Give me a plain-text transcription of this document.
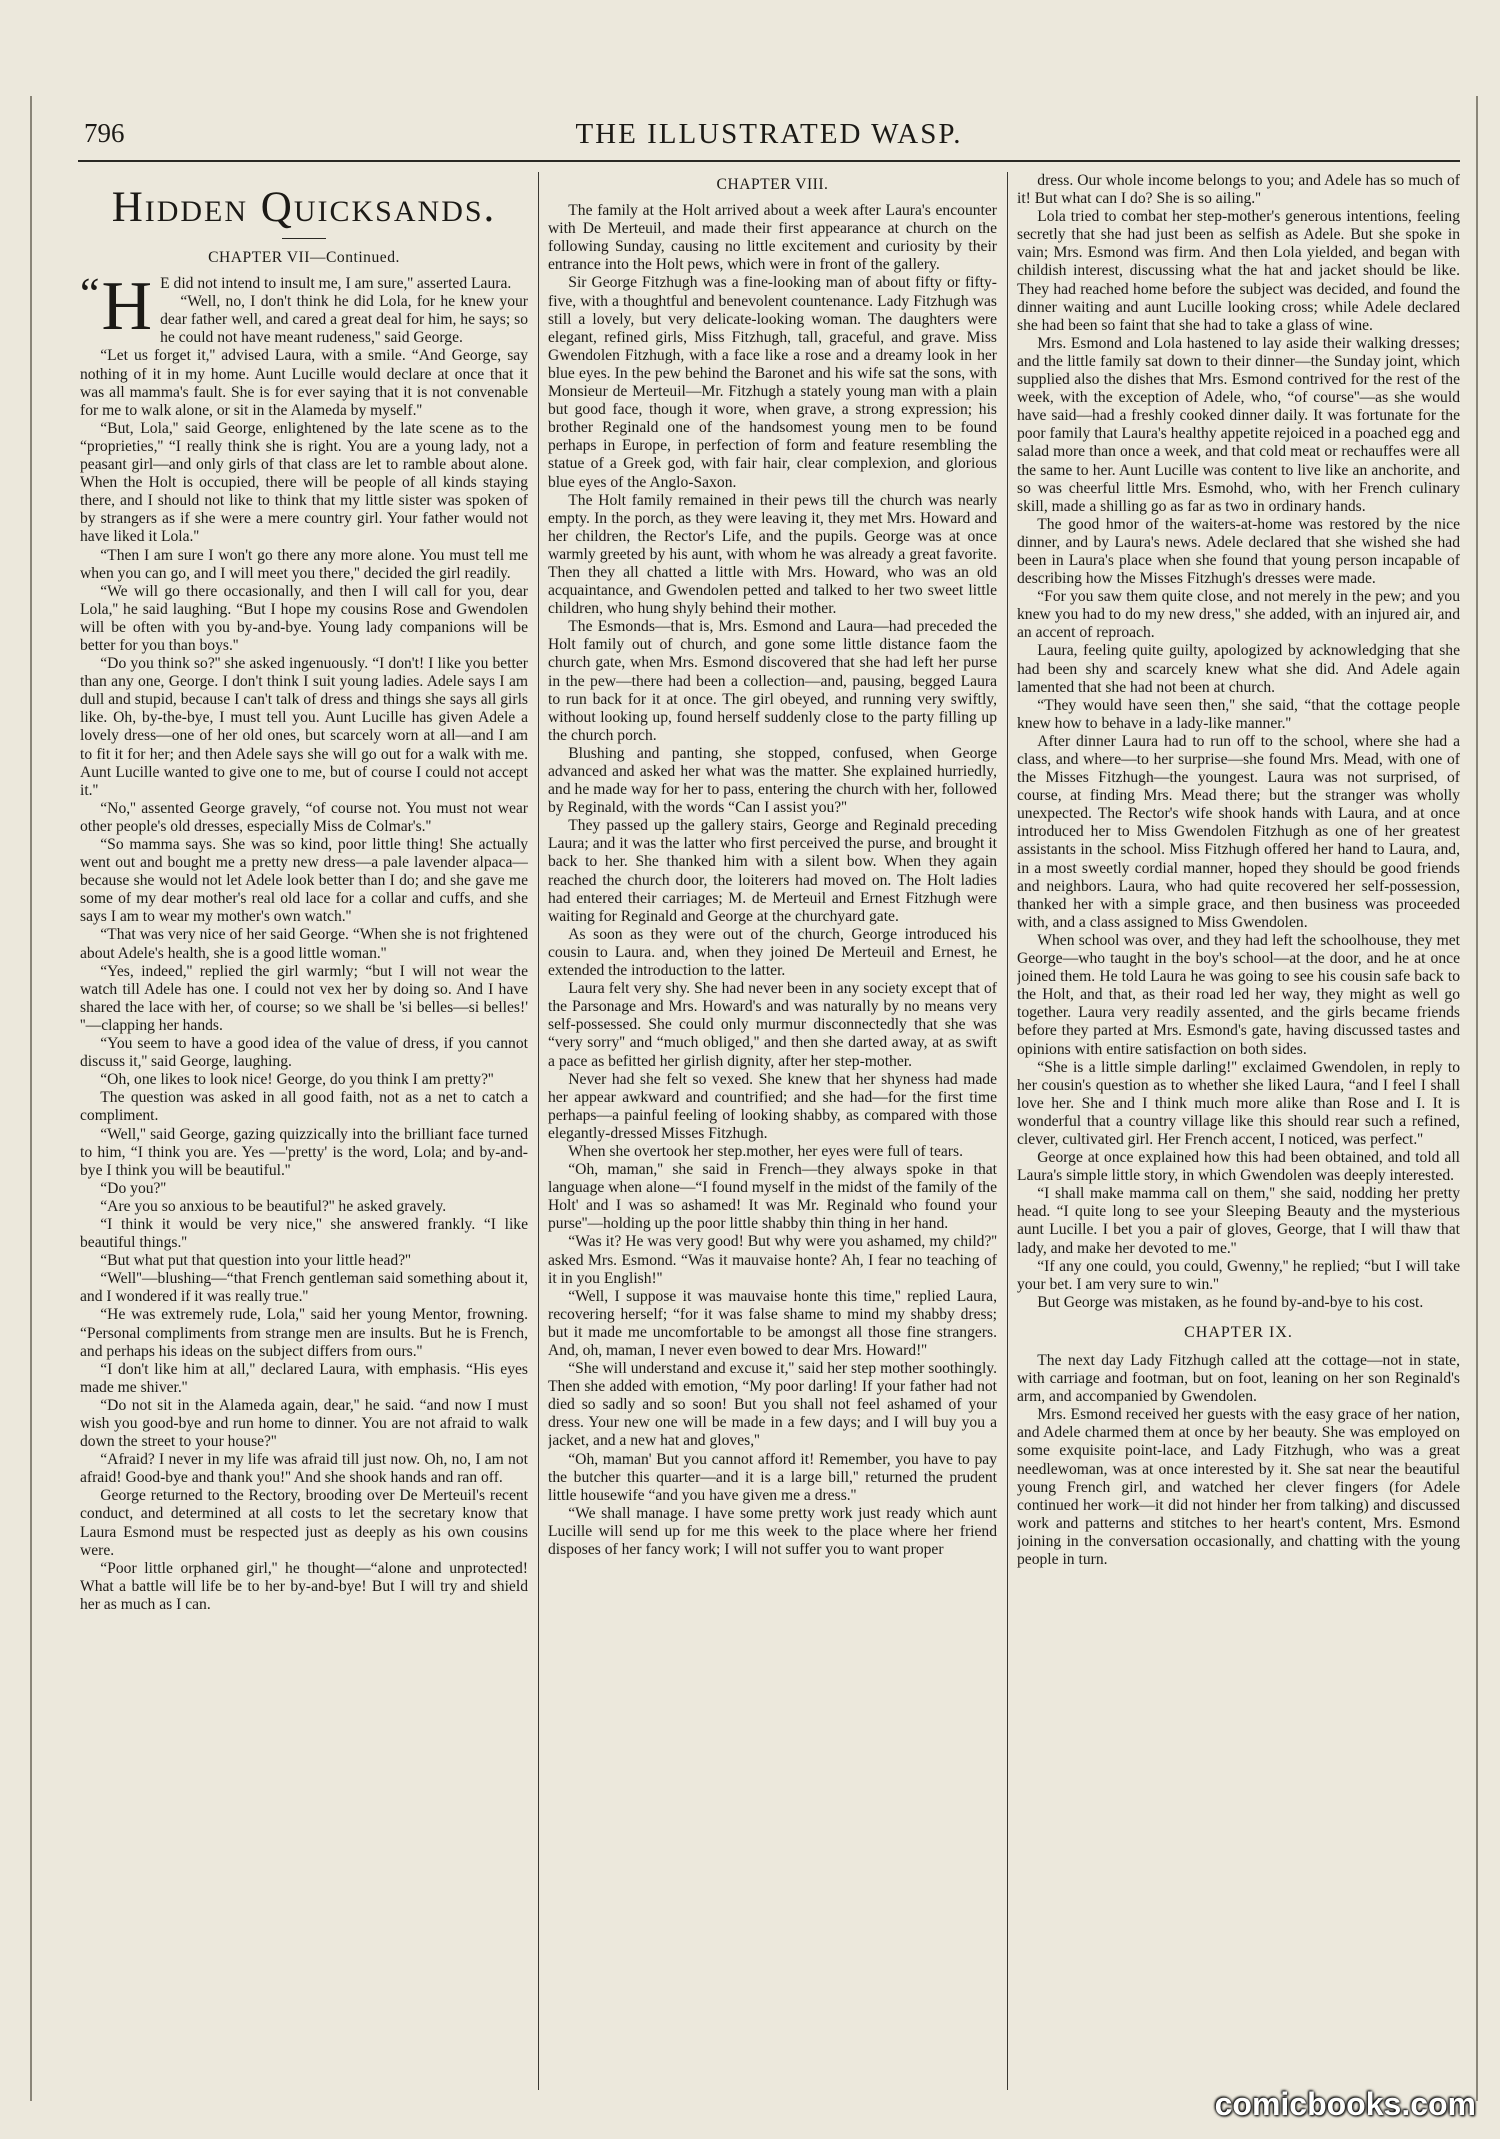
796	THE ILLUSTRATED WASP.
Hidden Quicksands.
CHAPTER VII—Continued.

“ H E did not intend to insult me, I am sure,'' asserted Laura.

“Well, no, I don't think he did Lola, for he knew your dear father well, and cared a great deal for him, he says; so he could not have meant rudeness,'' said George.

“Let us forget it,'' advised Laura, with a smile. “And George, say nothing of it in my home. Aunt Lucille would declare at once that it was all mamma's fault. She is for ever saying that it is not convenable for me to walk alone, or sit in the Alameda by myself.''

“But, Lola,'' said George, enlightened by the late scene as to the “proprieties,'' “I really think she is right. You are a young lady, not a peasant girl—and only girls of that class are let to ramble about alone. When the Holt is occupied, there will be people of all kinds staying there, and I should not like to think that my little sister was spoken of by strangers as if she were a mere country girl. Your father would not have liked it Lola.''

“Then I am sure I won't go there any more alone. You must tell me when you can go, and I will meet you there,'' decided the girl readily.

“We will go there occasionally, and then I will call for you, dear Lola,'' he said laughing. “But I hope my cousins Rose and Gwendolen will be often with you by-and-bye. Young lady companions will be better for you than boys.''

“Do you think so?'' she asked ingenuously. “I don't! I like you better than any one, George. I don't think I suit young ladies. Adele says I am dull and stupid, because I can't talk of dress and things she says all girls like. Oh, by-the-bye, I must tell you. Aunt Lucille has given Adele a lovely dress—one of her old ones, but scarcely worn at all—and I am to fit it for her; and then Adele says she will go out for a walk with me. Aunt Lucille wanted to give one to me, but of course I could not accept it.''

“No,'' assented George gravely, “of course not. You must not wear other people's old dresses, especially Miss de Colmar's.''

“So mamma says. She was so kind, poor little thing! She actually went out and bought me a pretty new dress—a pale lavender alpaca—because she would not let Adele look better than I do; and she gave me some of my dear mother's real old lace for a collar and cuffs, and she says I am to wear my mother's own watch.''

“That was very nice of her said George. “When she is not frightened about Adele's health, she is a good little woman.''

“Yes, indeed,'' replied the girl warmly; “but I will not wear the watch till Adele has one. I could not vex her by doing so. And I have shared the lace with her, of course; so we shall be 'si belles—si belles!' ''—clapping her hands.

“You seem to have a good idea of the value of dress, if you cannot discuss it,'' said George, laughing.

“Oh, one likes to look nice! George, do you think I am pretty?''

The question was asked in all good faith, not as a net to catch a compliment.

“Well,'' said George, gazing quizzically into the brilliant face turned to him, “I think you are. Yes —'pretty' is the word, Lola; and by-and-bye I think you will be beautiful.''

“Do you?''

“Are you so anxious to be beautiful?'' he asked gravely.

“I think it would be very nice,'' she answered frankly. “I like beautiful things.''

“But what put that question into your little head?''

“Well''—blushing—“that French gentleman said something about it, and I wondered if it was really true.''

“He was extremely rude, Lola,'' said her young Mentor, frowning. “Personal compliments from strange men are insults. But he is French, and perhaps his ideas on the subject differs from ours.''

“I don't like him at all,'' declared Laura, with emphasis. “His eyes made me shiver.''

“Do not sit in the Alameda again, dear,'' he said. “and now I must wish you good-bye and run home to dinner. You are not afraid to walk down the street to your house?''

“Afraid? I never in my life was afraid till just now. Oh, no, I am not afraid! Good-bye and thank you!'' And she shook hands and ran off.

George returned to the Rectory, brooding over De Merteuil's recent conduct, and determined at all costs to let the secretary know that Laura Esmond must be respected just as deeply as his own cousins were.

“Poor little orphaned girl,'' he thought—“alone and unprotected! What a battle will life be to her by-and-bye! But I will try and shield her as much as I can.

CHAPTER VIII.

The family at the Holt arrived about a week after Laura's encounter with De Merteuil, and made their first appearance at church on the following Sunday, causing no little excitement and curiosity by their entrance into the Holt pews, which were in front of the gallery.

Sir George Fitzhugh was a fine-looking man of about fifty or fifty-five, with a thoughtful and benevolent countenance. Lady Fitzhugh was still a lovely, but very delicate-looking woman. The daughters were elegant, refined girls, Miss Fitzhugh, tall, graceful, and grave. Miss Gwendolen Fitzhugh, with a face like a rose and a dreamy look in her blue eyes. In the pew behind the Baronet and his wife sat the sons, with Monsieur de Merteuil—Mr. Fitzhugh a stately young man with a plain but good face, though it wore, when grave, a strong expression; his brother Reginald one of the handsomest young men to be found perhaps in Europe, in perfection of form and feature resembling the statue of a Greek god, with fair hair, clear complexion, and glorious blue eyes of the Anglo-Saxon.

The Holt family remained in their pews till the church was nearly empty. In the porch, as they were leaving it, they met Mrs. Howard and her children, the Rector's Life, and the pupils. George was at once warmly greeted by his aunt, with whom he was already a great favorite. Then they all chatted a little with Mrs. Howard, who was an old acquaintance, and Gwendolen petted and talked to her two sweet little children, who hung shyly behind their mother.

The Esmonds—that is, Mrs. Esmond and Laura—had preceded the Holt family out of church, and gone some little distance faom the church gate, when Mrs. Esmond discovered that she had left her purse in the pew—there had been a collection—and, pausing, begged Laura to run back for it at once. The girl obeyed, and running very swiftly, without looking up, found herself suddenly close to the party filling up the church porch.

Blushing and panting, she stopped, confused, when George advanced and asked her what was the matter. She explained hurriedly, and he made way for her to pass, entering the church with her, followed by Reginald, with the words “Can I assist you?''

They passed up the gallery stairs, George and Reginald preceding Laura; and it was the latter who first perceived the purse, and brought it back to her. She thanked him with a silent bow. When they again reached the church door, the loiterers had moved on. The Holt ladies had entered their carriages; M. de Merteuil and Ernest Fitzhugh were waiting for Reginald and George at the churchyard gate.

As soon as they were out of the church, George introduced his cousin to Laura. and, when they joined De Merteuil and Ernest, he extended the introduction to the latter.

Laura felt very shy. She had never been in any society except that of the Parsonage and Mrs. Howard's and was naturally by no means very self-possessed. She could only murmur disconnectedly that she was “very sorry'' and “much obliged,'' and then she darted away, at as swift a pace as befitted her girlish dignity, after her step-mother.

Never had she felt so vexed. She knew that her shyness had made her appear awkward and countrified; and she had—for the first time perhaps—a painful feeling of looking shabby, as compared with those elegantly-dressed Misses Fitzhugh.

When she overtook her step.mother, her eyes were full of tears.

“Oh, maman,'' she said in French—they always spoke in that language when alone—“I found myself in the midst of the family of the Holt' and I was so ashamed! It was Mr. Reginald who found your purse''—holding up the poor little shabby thin thing in her hand.

“Was it? He was very good! But why were you ashamed, my child?'' asked Mrs. Esmond. “Was it mauvaise honte? Ah, I fear no teaching of it in you English!''

“Well, I suppose it was mauvaise honte this time,'' replied Laura, recovering herself; “for it was false shame to mind my shabby dress; but it made me uncomfortable to be amongst all those fine strangers. And, oh, maman, I never even bowed to dear Mrs. Howard!''

“She will understand and excuse it,'' said her step mother soothingly. Then she added with emotion, “My poor darling! If your father had not died so sadly and so soon! But you shall not feel ashamed of your dress. Your new one will be made in a few days; and I will buy you a jacket, and a new hat and gloves,''

“Oh, maman' But you cannot afford it! Remember, you have to pay the butcher this quarter—and it is a large bill,'' returned the prudent little housewife “and you have given me a dress.''

“We shall manage. I have some pretty work just ready which aunt Lucille will send up for me this week to the place where her friend disposes of her fancy work; I will not suffer you to want proper

dress. Our whole income belongs to you; and Adele has so much of it! But what can I do? She is so ailing.''

Lola tried to combat her step-mother's generous intentions, feeling secretly that she had just been as selfish as Adele. But she spoke in vain; Mrs. Esmond was firm. And then Lola yielded, and began with childish interest, discussing what the hat and jacket should be like. They had reached home before the subject was decided, and found the dinner waiting and aunt Lucille looking cross; while Adele declared she had been so faint that she had to take a glass of wine.

Mrs. Esmond and Lola hastened to lay aside their walking dresses; and the little family sat down to their dinner—the Sunday joint, which supplied also the dishes that Mrs. Esmond contrived for the rest of the week, with the exception of Adele, who, “of course''—as she would have said—had a freshly cooked dinner daily. It was fortunate for the poor family that Laura's healthy appetite rejoiced in a poached egg and salad more than once a week, and that cold meat or rechauffes were all the same to her. Aunt Lucille was content to live like an anchorite, and so was cheerful little Mrs. Esmohd, who, with her French culinary skill, made a shilling go as far as two in ordinary hands.

The good hmor of the waiters-at-home was restored by the nice dinner, and by Laura's news. Adele declared that she wished she had been in Laura's place when she found that young person incapable of describing how the Misses Fitzhugh's dresses were made.

“For you saw them quite close, and not merely in the pew; and you knew you had to do my new dress,'' she added, with an injured air, and an accent of reproach.

Laura, feeling quite guilty, apologized by acknowledging that she had been shy and scarcely knew what she did. And Adele again lamented that she had not been at church.

“They would have seen then,'' she said, “that the cottage people knew how to behave in a lady-like manner.''

After dinner Laura had to run off to the school, where she had a class, and where—to her surprise—she found Mrs. Mead, with one of the Misses Fitzhugh—the youngest. Laura was not surprised, of course, at finding Mrs. Mead there; but the stranger was wholly unexpected. The Rector's wife shook hands with Laura, and at once introduced her to Miss Gwendolen Fitzhugh as one of her greatest assistants in the school. Miss Fitzhugh offered her hand to Laura, and, in a most sweetly cordial manner, hoped they should be good friends and neighbors. Laura, who had quite recovered her self-possession, thanked her with a simple grace, and then business was proceeded with, and a class assigned to Miss Gwendolen.

When school was over, and they had left the schoolhouse, they met George—who taught in the boy's school—at the door, and he at once joined them. He told Laura he was going to see his cousin safe back to the Holt, and that, as their road led her way, they might as well go together. Laura very readily assented, and the girls became friends before they parted at Mrs. Esmond's gate, having discussed tastes and opinions with entire satisfaction on both sides.

“She is a little simple darling!'' exclaimed Gwendolen, in reply to her cousin's question as to whether she liked Laura, “and I feel I shall love her. She and I think much more alike than Rose and I. It is wonderful that a country village like this should rear such a refined, clever, cultivated girl. Her French accent, I noticed, was perfect.''

George at once explained how this had been obtained, and told all Laura's simple little story, in which Gwendolen was deeply interested.

“I shall make mamma call on them,'' she said, nodding her pretty head. “I quite long to see your Sleeping Beauty and the mysterious aunt Lucille. I bet you a pair of gloves, George, that I will thaw that lady, and make her devoted to me.''

“If any one could, you could, Gwenny,'' he replied; “but I will take your bet. I am very sure to win.''

But George was mistaken, as he found by-and-bye to his cost.

CHAPTER IX.

The next day Lady Fitzhugh called att the cottage—not in state, with carriage and footman, but on foot, leaning on her son Reginald's arm, and accompanied by Gwendolen.

Mrs. Esmond received her guests with the easy grace of her nation, and Adele charmed them at once by her beauty. She was employed on some exquisite point-lace, and Lady Fitzhugh, who was a great needlewoman, was at once interested by it. She sat near the beautiful young French girl, and watched her clever fingers (for Adele continued her work—it did not hinder her from talking) and discussed work and patterns and stitches to her heart's content, Mrs. Esmond joining in the conversation occasionally, and chatting with the young people in turn.

comicbooks.com
